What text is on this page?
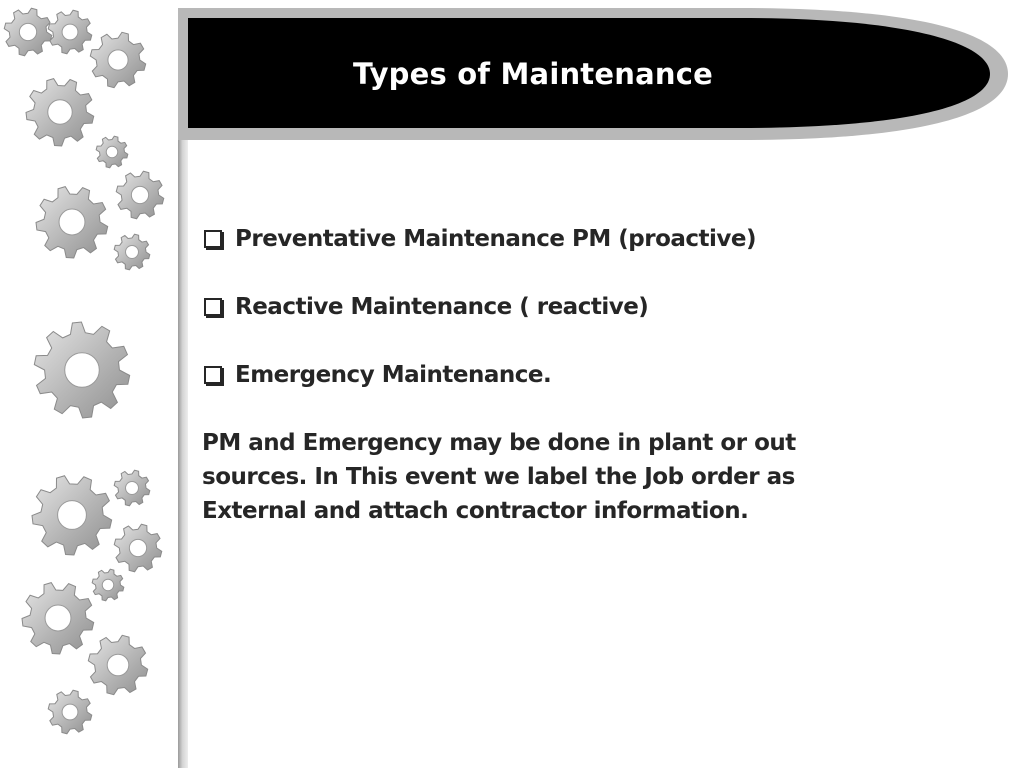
Types of Maintenance
Preventative Maintenance PM (proactive)
Reactive Maintenance ( reactive)
Emergency Maintenance.

PM and Emergency may be done in plant or out
sources. In This event we label the Job order as
External and attach contractor information.
